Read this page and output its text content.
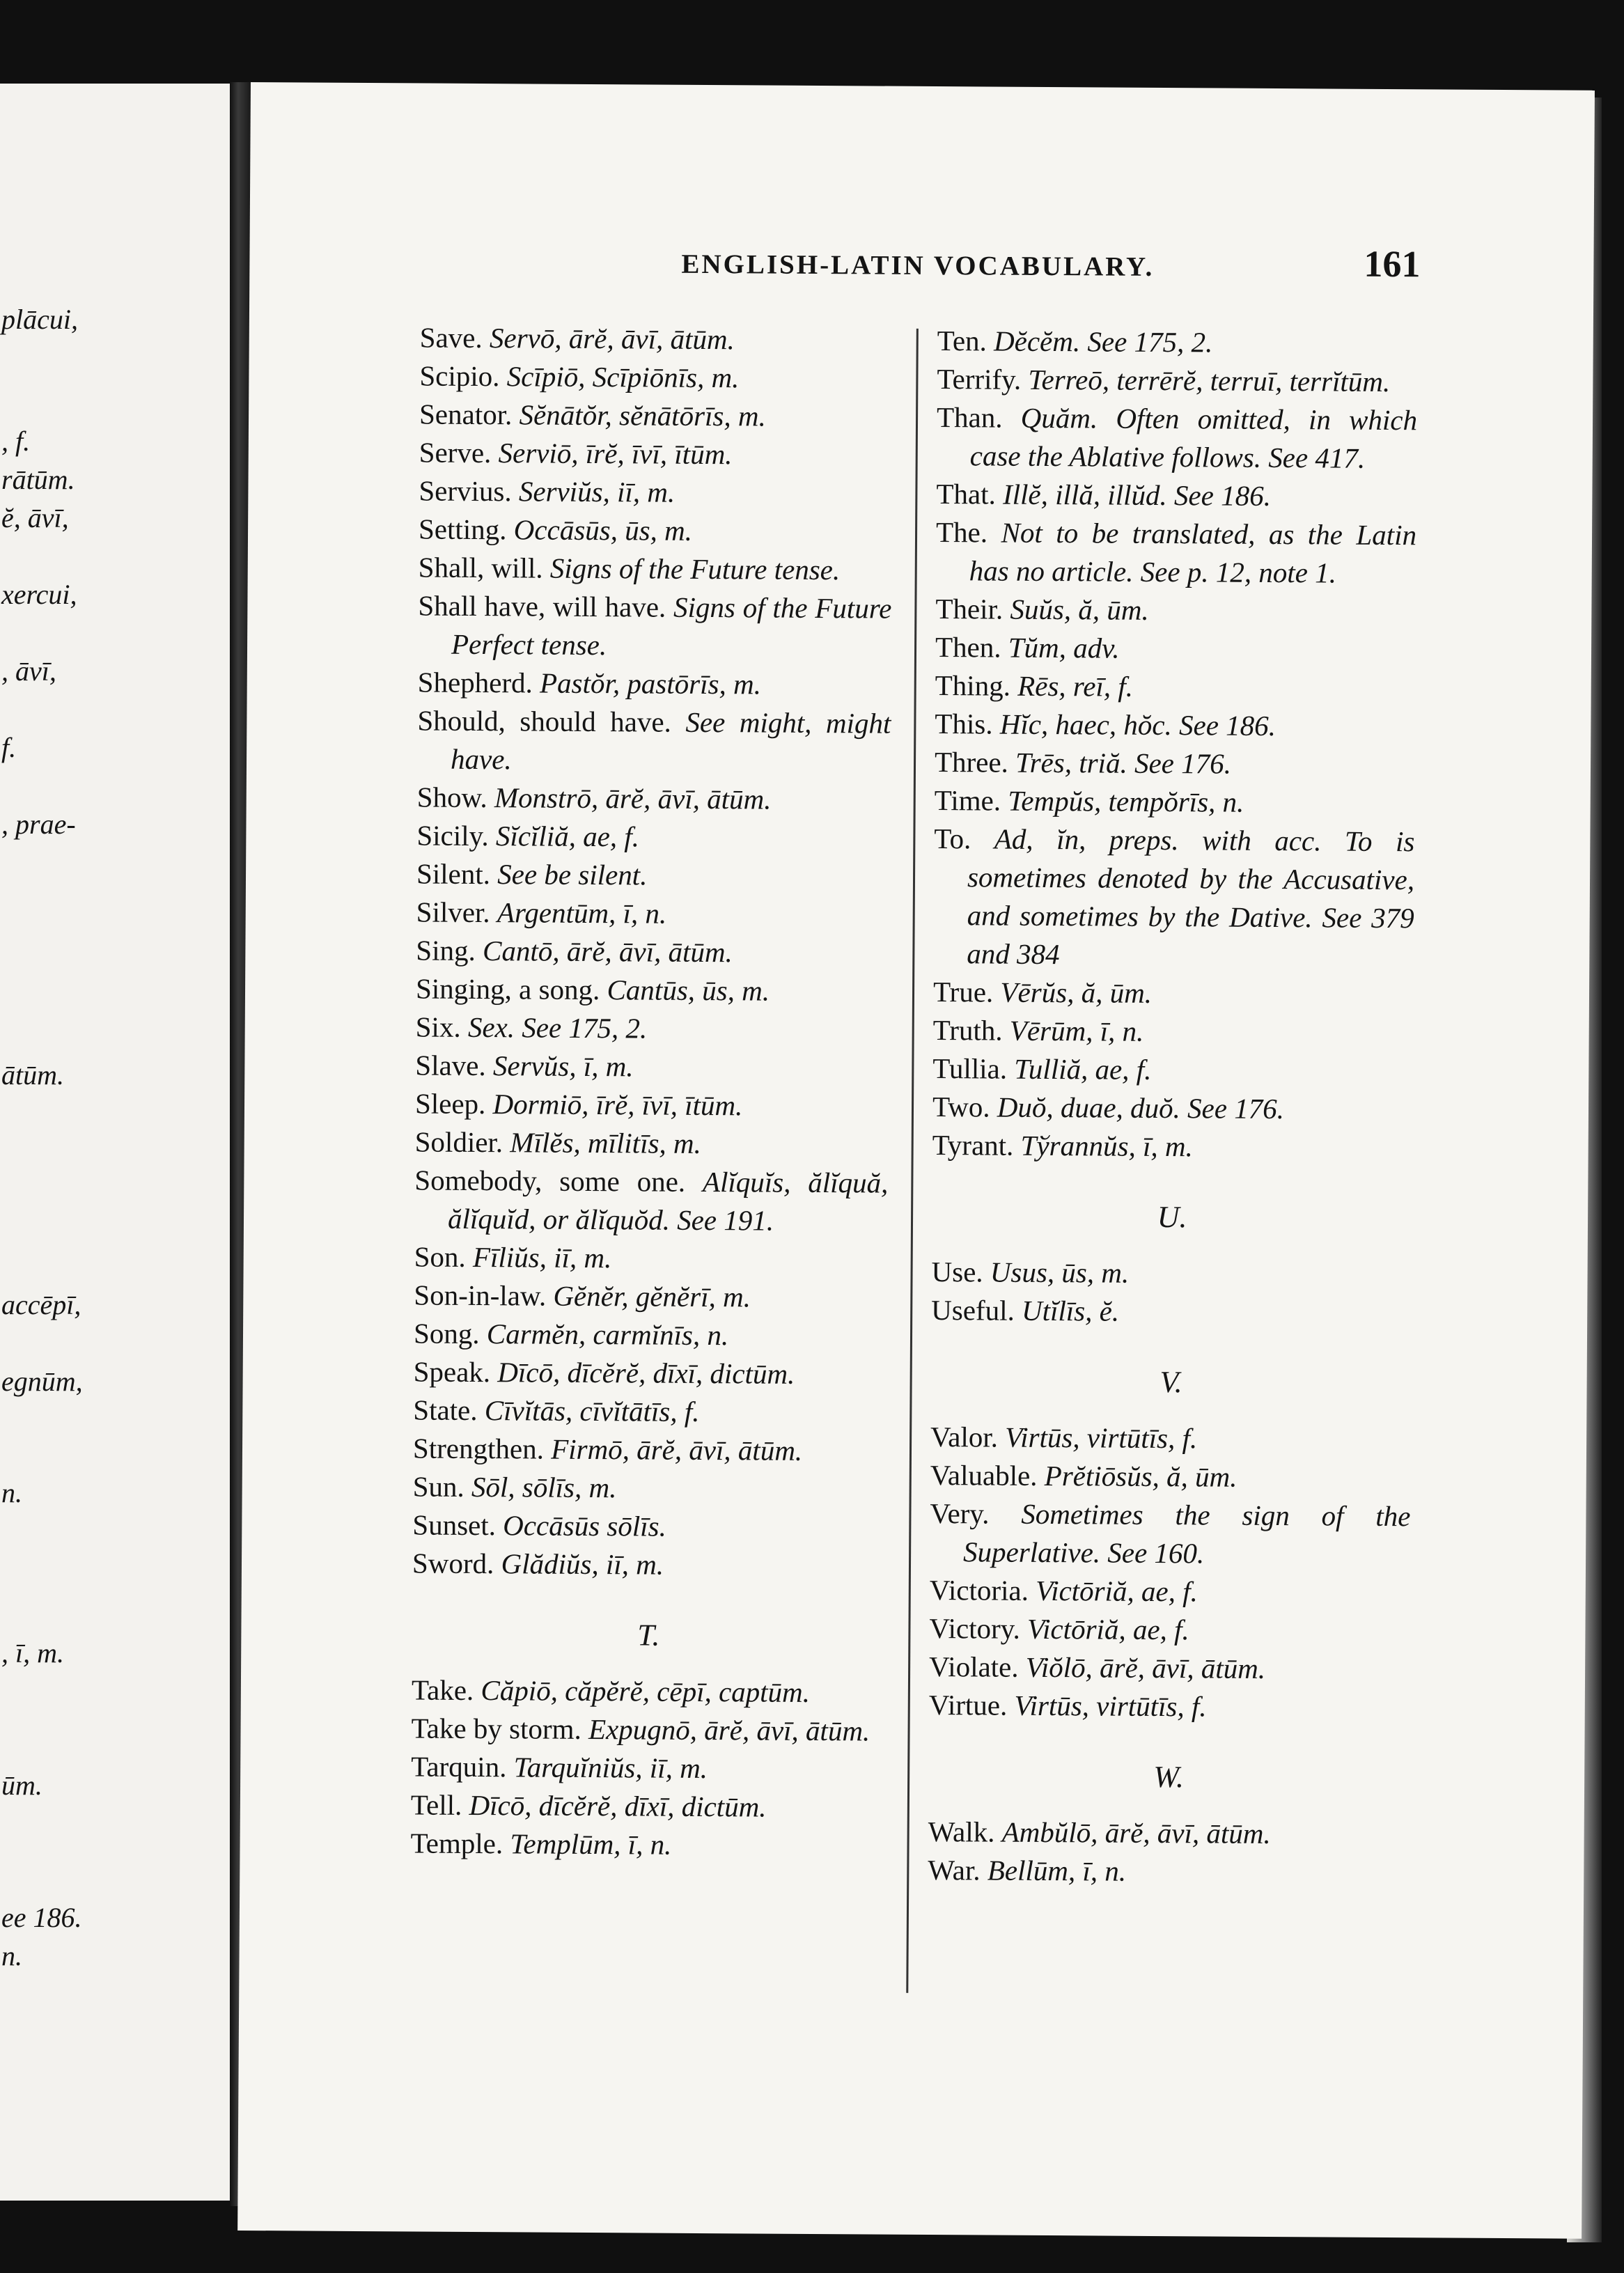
plācui,
, f.
rātūm.
ĕ, āvī,
xercui,
, āvī,
f.
, prae-
ātūm.
accēpī,
egnūm,
n.
, ī, m.
ūm.
ee 186.
n.
ENGLISH-LATIN VOCABULARY.	161

Save. Servō, ārĕ, āvī, ātūm.

Scipio. Scīpiō, Scīpiōnīs, m.

Senator. Sĕnātŏr, sĕnātōrīs, m.

Serve. Serviō, īrĕ, īvī, ītūm.

Servius. Serviŭs, iī, m.

Setting. Occāsūs, ūs, m.

Shall, will. Signs of the Future tense.

Shall have, will have. Signs of the Future Perfect tense.

Shepherd. Pastŏr, pastōrīs, m.

Should, should have. See might, might have.

Show. Monstrō, ārĕ, āvī, ātūm.

Sicily. Sĭcĭliă, ae, f.

Silent. See be silent.

Silver. Argentūm, ī, n.

Sing. Cantō, ārĕ, āvī, ātūm.

Singing, a song. Cantūs, ūs, m.

Six. Sex. See 175, 2.

Slave. Servŭs, ī, m.

Sleep. Dormiō, īrĕ, īvī, ītūm.

Soldier. Mīlĕs, mīlitīs, m.

Somebody, some one. Alĭquĭs, ălĭquă, ălĭquĭd, or ălĭquŏd. See 191.

Son. Fīliŭs, iī, m.

Son-in-law. Gĕnĕr, gĕnĕrī, m.

Song. Carmĕn, carmĭnīs, n.

Speak. Dīcō, dīcĕrĕ, dīxī, dictūm.

State. Cīvĭtās, cīvĭtātīs, f.

Strengthen. Firmō, ārĕ, āvī, ātūm.

Sun. Sōl, sōlīs, m.

Sunset. Occāsūs sōlīs.

Sword. Glădiŭs, iī, m.

T.

Take. Căpiō, căpĕrĕ, cēpī, captūm.

Take by storm. Expugnō, ārĕ, āvī, ātūm.

Tarquin. Tarquĭniŭs, iī, m.

Tell. Dīcō, dīcĕrĕ, dīxī, dictūm.

Temple. Templūm, ī, n.

Ten. Dĕcĕm. See 175, 2.

Terrify. Terreō, terrērĕ, terruī, terrĭtūm.

Than. Quăm. Often omitted, in which case the Ablative follows. See 417.

That. Illĕ, illă, illŭd. See 186.

The. Not to be translated, as the Latin has no article. See p. 12, note 1.

Their. Suŭs, ă, ūm.

Then. Tŭm, adv.

Thing. Rēs, reī, f.

This. Hĭc, haec, hŏc. See 186.

Three. Trēs, triă. See 176.

Time. Tempŭs, tempŏrīs, n.

To. Ad, ĭn, preps. with acc. To is sometimes denoted by the Accusative, and sometimes by the Dative. See 379 and 384

True. Vērŭs, ă, ūm.

Truth. Vērūm, ī, n.

Tullia. Tulliă, ae, f.

Two. Duŏ, duae, duŏ. See 176.

Tyrant. Tўrannŭs, ī, m.

U.

Use. Usus, ūs, m.

Useful. Utĭlīs, ĕ.

V.

Valor. Virtūs, virtūtīs, f.

Valuable. Prĕtiōsŭs, ă, ūm.

Very. Sometimes the sign of the Superlative. See 160.

Victoria. Victōriă, ae, f.

Victory. Victōriă, ae, f.

Violate. Viŏlō, ārĕ, āvī, ātūm.

Virtue. Virtūs, virtūtīs, f.

W.

Walk. Ambŭlō, ārĕ, āvī, ātūm.

War. Bellūm, ī, n.
